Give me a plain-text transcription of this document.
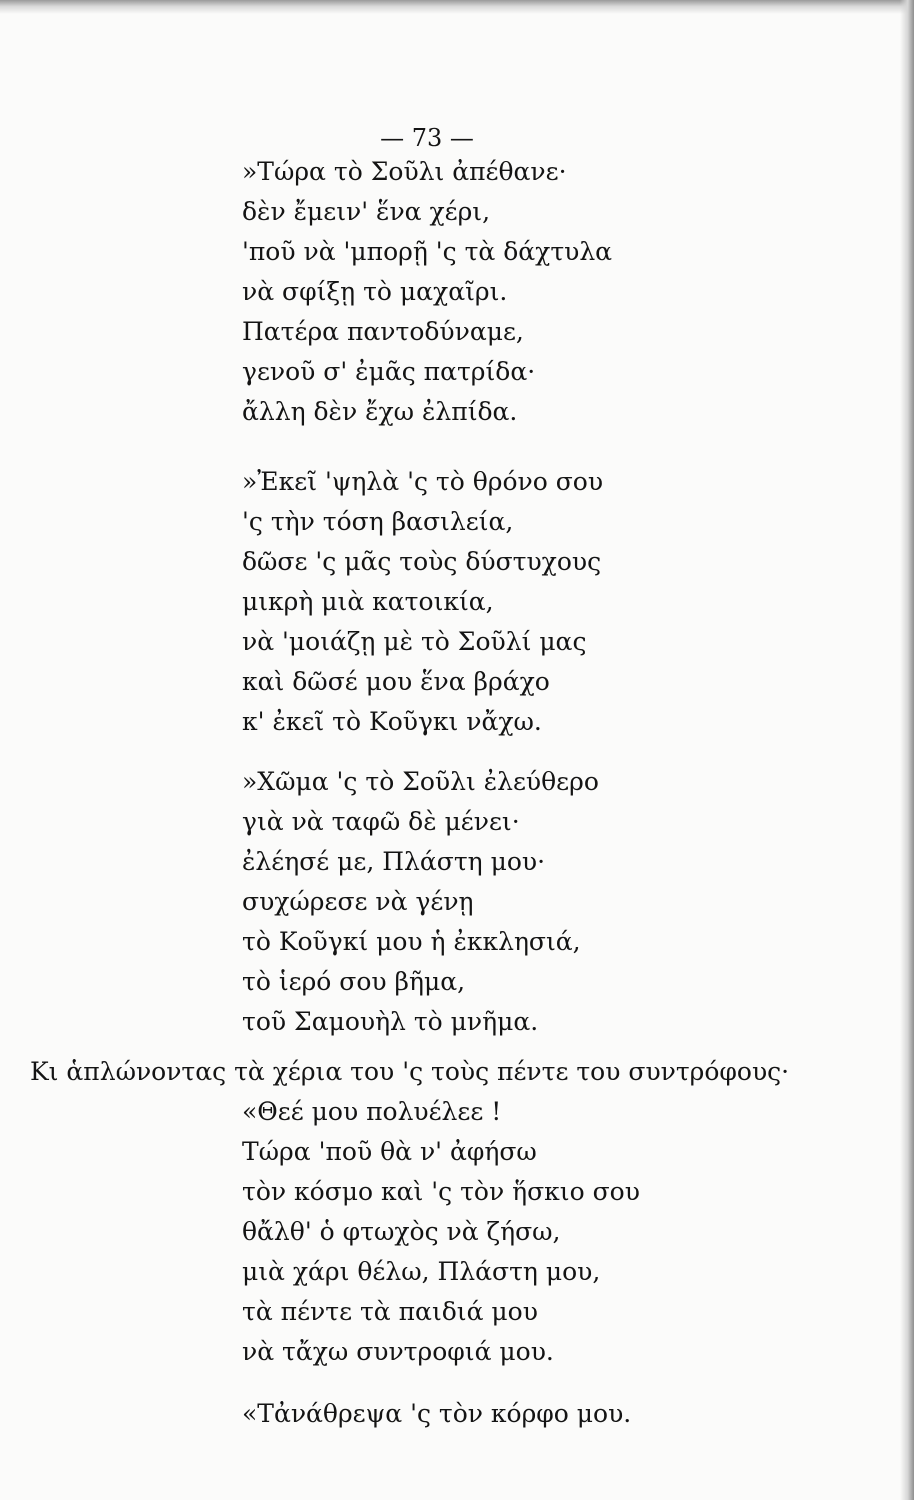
— 73 —
»Τώρα τὸ Σοῦλι ἀπέθανε·
δὲν ἔμειν' ἕνα χέρι,
'ποῦ νὰ 'μπορῇ 'ς τὰ δάχτυλα
νὰ σφίξῃ τὸ μαχαῖρι.
Πατέρα παντοδύναμε,
γενοῦ σ' ἐμᾶς πατρίδα·
ἄλλη δὲν ἔχω ἐλπίδα.
»Ἐκεῖ 'ψηλὰ 'ς τὸ θρόνο σου
'ς τὴν τόση βασιλεία,
δῶσε 'ς μᾶς τοὺς δύστυχους
μικρὴ μιὰ κατοικία,
νὰ 'μοιάζῃ μὲ τὸ Σοῦλί μας
καὶ δῶσέ μου ἕνα βράχο
κ' ἐκεῖ τὸ Κοῦγκι νἄχω.
»Χῶμα 'ς τὸ Σοῦλι ἐλεύθερο
γιὰ νὰ ταφῶ δὲ μένει·
ἐλέησέ με, Πλάστη μου·
συχώρεσε νὰ γένῃ
τὸ Κοῦγκί μου ἡ ἐκκλησιά,
τὸ ἱερό σου βῆμα,
τοῦ Σαμουὴλ τὸ μνῆμα.
Κι ἁπλώνοντας τὰ χέρια του 'ς τοὺς πέντε του συντρόφους·
«Θεέ μου πολυέλεε !
Τώρα 'ποῦ θὰ ν' ἀφήσω
τὸν κόσμο καὶ 'ς τὸν ἥσκιο σου
θἄλθ' ὁ φτωχὸς νὰ ζήσω,
μιὰ χάρι θέλω, Πλάστη μου,
τὰ πέντε τὰ παιδιά μου
νὰ τἄχω συντροφιά μου.
«Τἀνάθρεψα 'ς τὸν κόρφο μου.
